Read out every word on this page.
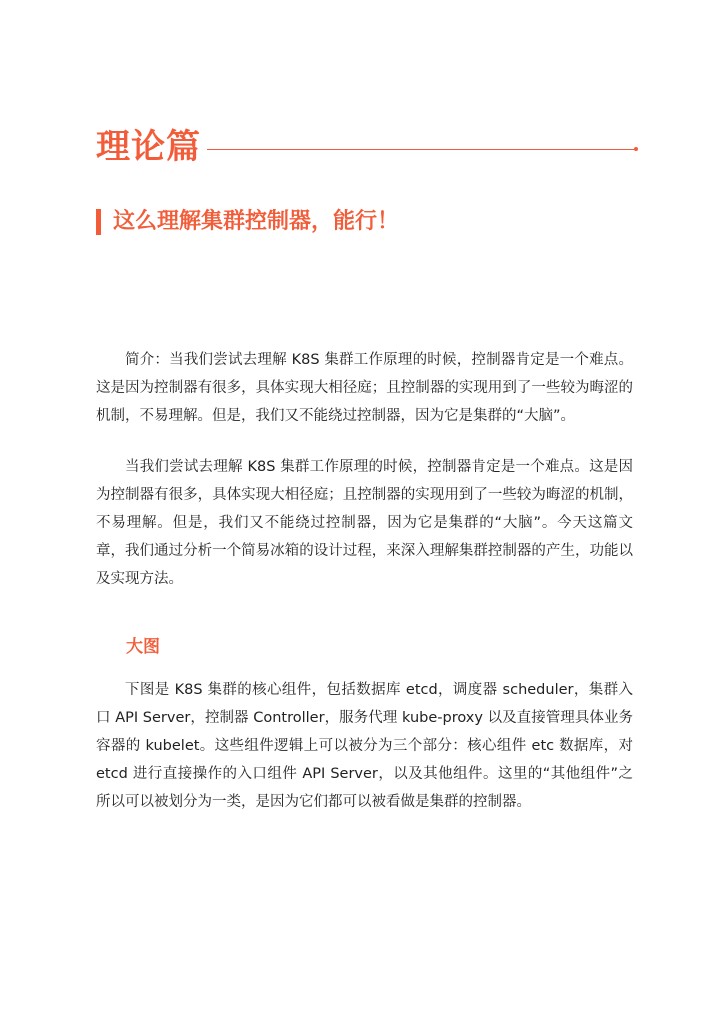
理论篇
这么理解集群控制器，能行！

简介：当我们尝试去理解 K8S 集群工作原理的时候，控制器肯定是一个难点。这是因为控制器有很多，具体实现大相径庭；且控制器的实现用到了一些较为晦涩的机制，不易理解。但是，我们又不能绕过控制器，因为它是集群的“大脑”。

当我们尝试去理解 K8S 集群工作原理的时候，控制器肯定是一个难点。这是因为控制器有很多，具体实现大相径庭；且控制器的实现用到了一些较为晦涩的机制，不易理解。但是，我们又不能绕过控制器，因为它是集群的“大脑”。今天这篇文章，我们通过分析一个简易冰箱的设计过程，来深入理解集群控制器的产生，功能以及实现方法。

大图

下图是 K8S 集群的核心组件，包括数据库 etcd，调度器 scheduler，集群入口 API Server，控制器 Controller，服务代理 kube-proxy 以及直接管理具体业务容器的 kubelet。这些组件逻辑上可以被分为三个部分：核心组件 etc 数据库，对 etcd 进行直接操作的入口组件 API Server，以及其他组件。这里的“其他组件”之所以可以被划分为一类，是因为它们都可以被看做是集群的控制器。
